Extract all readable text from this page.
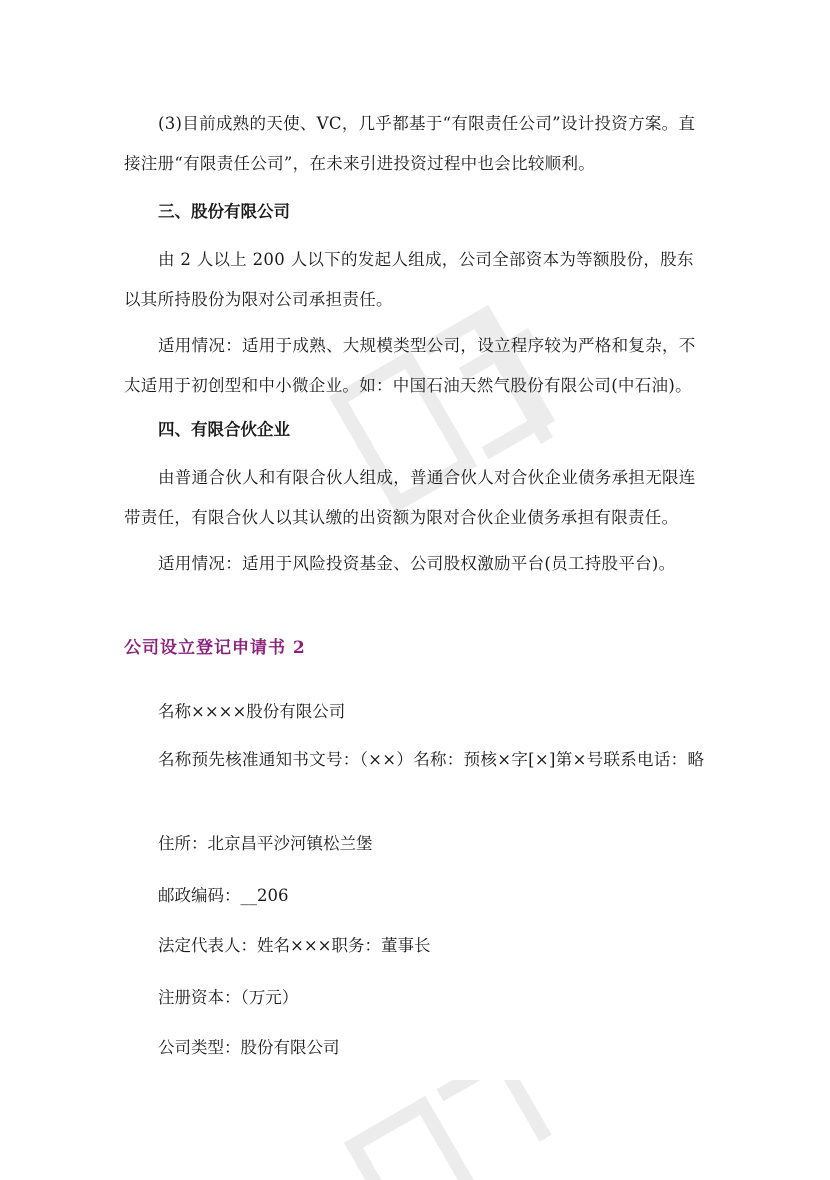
(3)目前成熟的天使、VC，几乎都基于“有限责任公司”设计投资方案。直接注册“有限责任公司”，在未来引进投资过程中也会比较顺利。

三、股份有限公司

由 2 人以上 200 人以下的发起人组成，公司全部资本为等额股份，股东以其所持股份为限对公司承担责任。

适用情况：适用于成熟、大规模类型公司，设立程序较为严格和复杂，不太适用于初创型和中小微企业。如：中国石油天然气股份有限公司(中石油)。

四、有限合伙企业

由普通合伙人和有限合伙人组成，普通合伙人对合伙企业债务承担无限连带责任，有限合伙人以其认缴的出资额为限对合伙企业债务承担有限责任。

适用情况：适用于风险投资基金、公司股权激励平台(员工持股平台)。

公司设立登记申请书 2

名称××××股份有限公司

名称预先核准通知书文号：（××）名称：预核×字[×]第×号联系电话：略

住所：北京昌平沙河镇松兰堡

邮政编码：__206

法定代表人：姓名×××职务：董事长

注册资本：（万元）

公司类型：股份有限公司
